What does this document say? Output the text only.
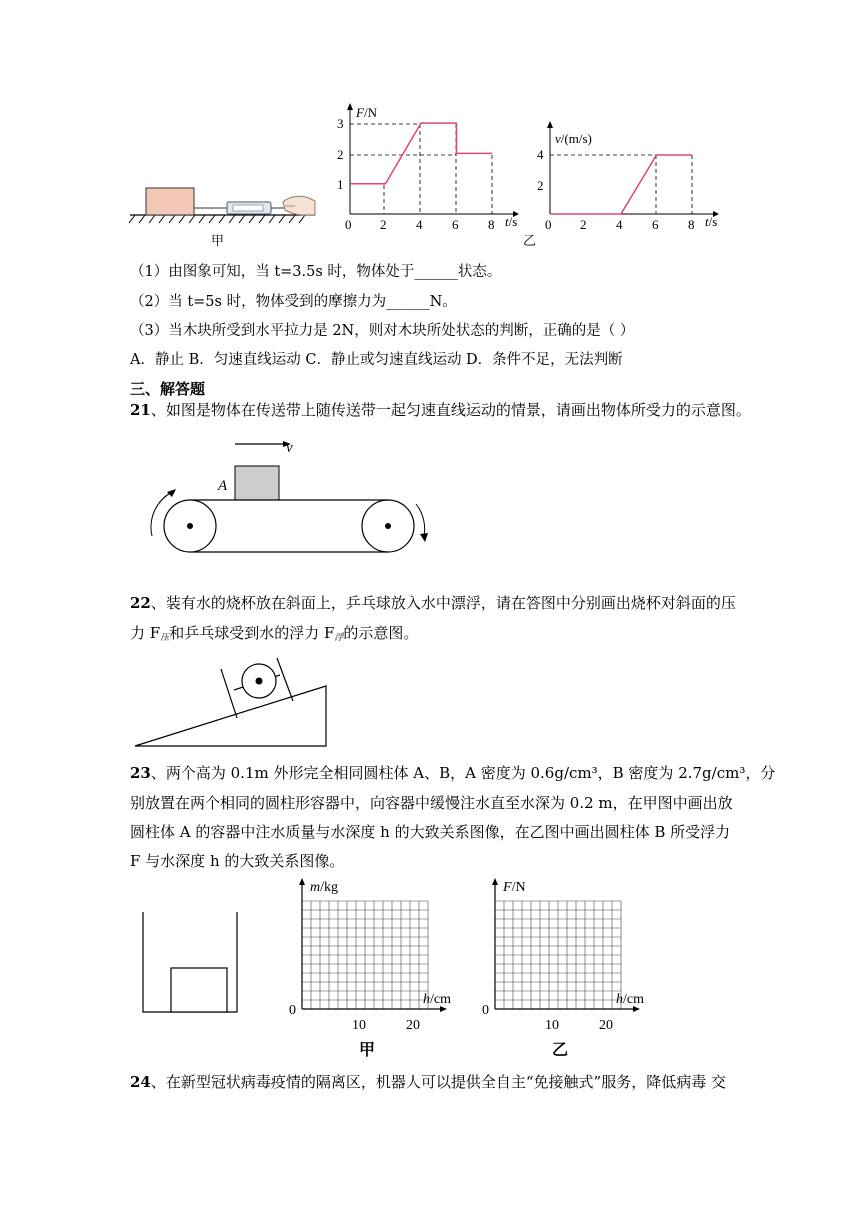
甲
F/N
1
2
3
0 2 4 6 8 t/s
乙
v/(m/s)
2
4
0 2 4 6 8 t/s
（1）由图象可知，当 t=3.5s 时，物体处于______状态。
（2）当 t=5s 时，物体受到的摩擦力为______N。
（3）当木块所受到水平拉力是 2N，则对木块所处状态的判断，正确的是（ ）
A．静止 B．匀速直线运动 C．静止或匀速直线运动 D．条件不足，无法判断
三、解答题
21、如图是物体在传送带上随传送带一起匀速直线运动的情景，请画出物体所受力的示意图。
v
A
22、装有水的烧杯放在斜面上，乒乓球放入水中漂浮，请在答图中分别画出烧杯对斜面的压
力 $F_压$和乒乓球受到水的浮力 $F_浮$的示意图。
23、两个高为 0.1m 外形完全相同圆柱体 A、B，A 密度为 0.6g/cm³，B 密度为 2.7g/cm³，分
别放置在两个相同的圆柱形容器中，向容器中缓慢注水直至水深为 0.2 m，在甲图中画出放
圆柱体 A 的容器中注水质量与水深度 h 的大致关系图像，在乙图中画出圆柱体 B 所受浮力
F 与水深度 h 的大致关系图像。
m/kg
h/cm
0
10	20
甲
F/N
h/cm
0
10	20
乙
24、在新型冠状病毒疫情的隔离区，机器人可以提供全自主“免接触式”服务，降低病毒 交
